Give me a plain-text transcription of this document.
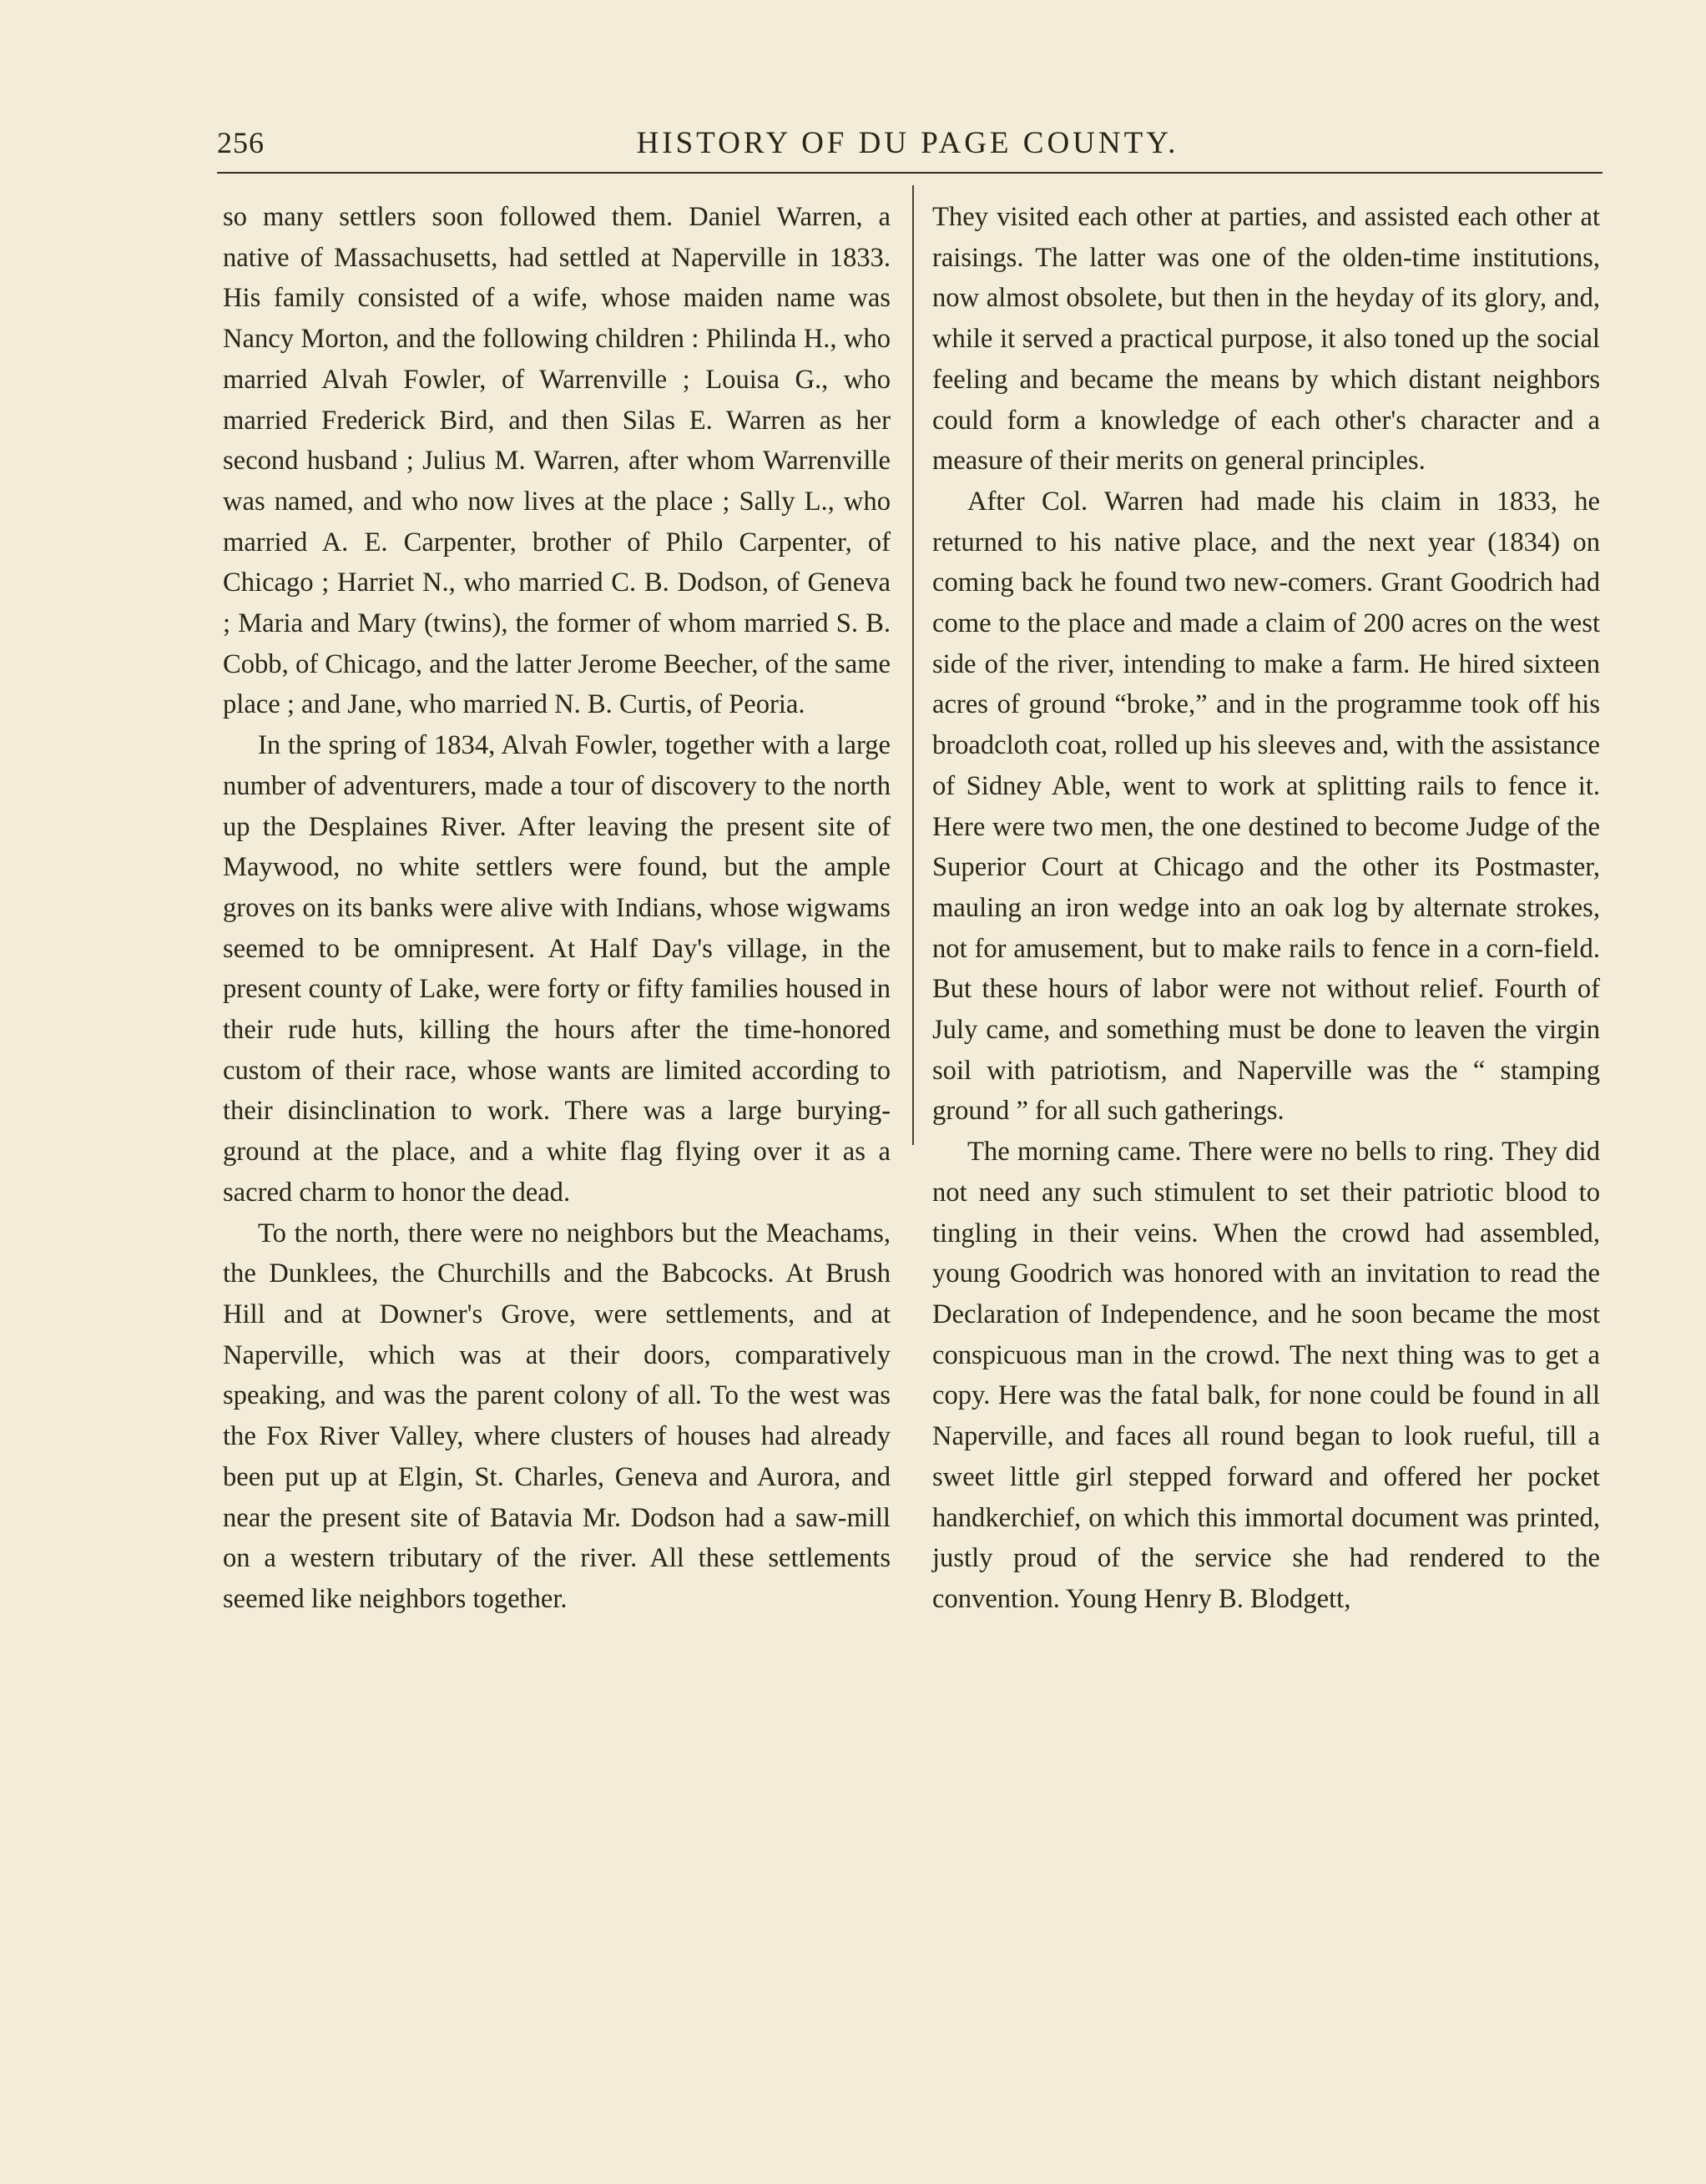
256	HISTORY OF DU PAGE COUNTY.

so many settlers soon followed them. Daniel Warren, a native of Massachusetts, had settled at Naperville in 1833. His family consisted of a wife, whose maiden name was Nancy Morton, and the following children : Philinda H., who married Alvah Fowler, of Warrenville ; Louisa G., who married Frederick Bird, and then Silas E. Warren as her second husband ; Julius M. Warren, after whom Warrenville was named, and who now lives at the place ; Sally L., who married A. E. Carpenter, brother of Philo Carpenter, of Chicago ; Harriet N., who married C. B. Dodson, of Geneva ; Maria and Mary (twins), the former of whom married S. B. Cobb, of Chicago, and the latter Jerome Beecher, of the same place ; and Jane, who married N. B. Curtis, of Peoria.

In the spring of 1834, Alvah Fowler, together with a large number of adventurers, made a tour of discovery to the north up the Desplaines River. After leaving the present site of Maywood, no white settlers were found, but the ample groves on its banks were alive with Indians, whose wigwams seemed to be omnipresent. At Half Day's village, in the present county of Lake, were forty or fifty families housed in their rude huts, killing the hours after the time-honored custom of their race, whose wants are limited according to their disinclination to work. There was a large burying-ground at the place, and a white flag flying over it as a sacred charm to honor the dead.

To the north, there were no neighbors but the Meachams, the Dunklees, the Churchills and the Babcocks. At Brush Hill and at Downer's Grove, were settlements, and at Naperville, which was at their doors, comparatively speaking, and was the parent colony of all. To the west was the Fox River Valley, where clusters of houses had already been put up at Elgin, St. Charles, Geneva and Aurora, and near the present site of Batavia Mr. Dodson had a saw-mill on a western tributary of the river. All these settlements seemed like neighbors together.

They visited each other at parties, and assisted each other at raisings. The latter was one of the olden-time institutions, now almost obsolete, but then in the heyday of its glory, and, while it served a practical purpose, it also toned up the social feeling and became the means by which distant neighbors could form a knowledge of each other's character and a measure of their merits on general principles.

After Col. Warren had made his claim in 1833, he returned to his native place, and the next year (1834) on coming back he found two new-comers. Grant Goodrich had come to the place and made a claim of 200 acres on the west side of the river, intending to make a farm. He hired sixteen acres of ground “broke,” and in the programme took off his broadcloth coat, rolled up his sleeves and, with the assistance of Sidney Able, went to work at splitting rails to fence it. Here were two men, the one destined to become Judge of the Superior Court at Chicago and the other its Postmaster, mauling an iron wedge into an oak log by alternate strokes, not for amusement, but to make rails to fence in a corn-field. But these hours of labor were not without relief. Fourth of July came, and something must be done to leaven the virgin soil with patriotism, and Naperville was the “ stamping ground ” for all such gatherings.

The morning came. There were no bells to ring. They did not need any such stimulent to set their patriotic blood to tingling in their veins. When the crowd had assembled, young Goodrich was honored with an invitation to read the Declaration of Independence, and he soon became the most conspicuous man in the crowd. The next thing was to get a copy. Here was the fatal balk, for none could be found in all Naperville, and faces all round began to look rueful, till a sweet little girl stepped forward and offered her pocket handkerchief, on which this immortal document was printed, justly proud of the service she had rendered to the convention. Young Henry B. Blodgett,
